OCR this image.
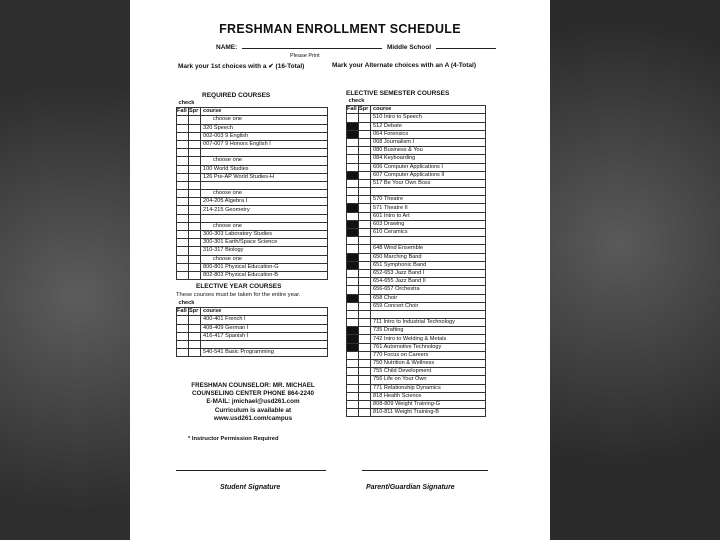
FRESHMAN ENROLLMENT SCHEDULE
NAME:	Middle School
Please Print
Mark your 1st choices with a ✔ (16-Total)	Mark your Alternate choices with an A (4-Total)
REQUIRED COURSES
check		
Fall	Spr	course
		choose one
		320 Speech
		002-003 9 English
		007-007 9 Honors English I

		choose one
		100 World Studies
		126 Pre-AP World Studies-H

		choose one
		204-205 Algebra I
		214-215 Geometry

		choose one
		300-303 Laboratory Studies
		300-301 Earth/Space Science
		310-317 Biology
		choose one
		800-801 Physical Education-G
		802-803 Physical Education-B
ELECTIVE YEAR COURSES
These courses must be taken for the entire year.
check		
Fall	Spr	course
		400-401 French I
		408-409 German I
		416-417 Spanish I

		540-541 Basic Programming
ELECTIVE SEMESTER COURSES
check		
Fall	Spr	course
		510 Intro to Speech
		512 Debate
		064 Forensics
		068 Journalism I
		080 Business & You
		084 Keyboarding
		606 Computer Applications I
		607 Computer Applications II
		517 Be Your Own Boss

		570 Theatre
		571 Theatre II
		601 Intro to Art
		603 Drawing
		610 Ceramics

		648 Wind Ensemble
		650 Marching Band
		651 Symphonic Band
		652-653 Jazz Band I
		654-655 Jazz Band II
		656-657 Orchestra
		658 Choir
		659 Concert Choir

		711 Intro to Industrial Technology
		735 Drafting
		742 Intro to Welding & Metals
		761 Automotive Technology
		770 Focus on Careers
		750 Nutrition & Wellness
		755 Child Development
		756 Life on Your Own
		771 Relationship Dynamics
		818 Health Science
		808-809 Weight Training-G
		810-811 Weight Training-B
FRESHMAN COUNSELOR: MR. MICHAEL
COUNSELING CENTER PHONE 864-2240
E-MAIL: jmichael@usd261.com
Curriculum is available at
www.usd261.com/campus
* Instructor Permission Required
Student Signature	Parent/Guardian Signature
